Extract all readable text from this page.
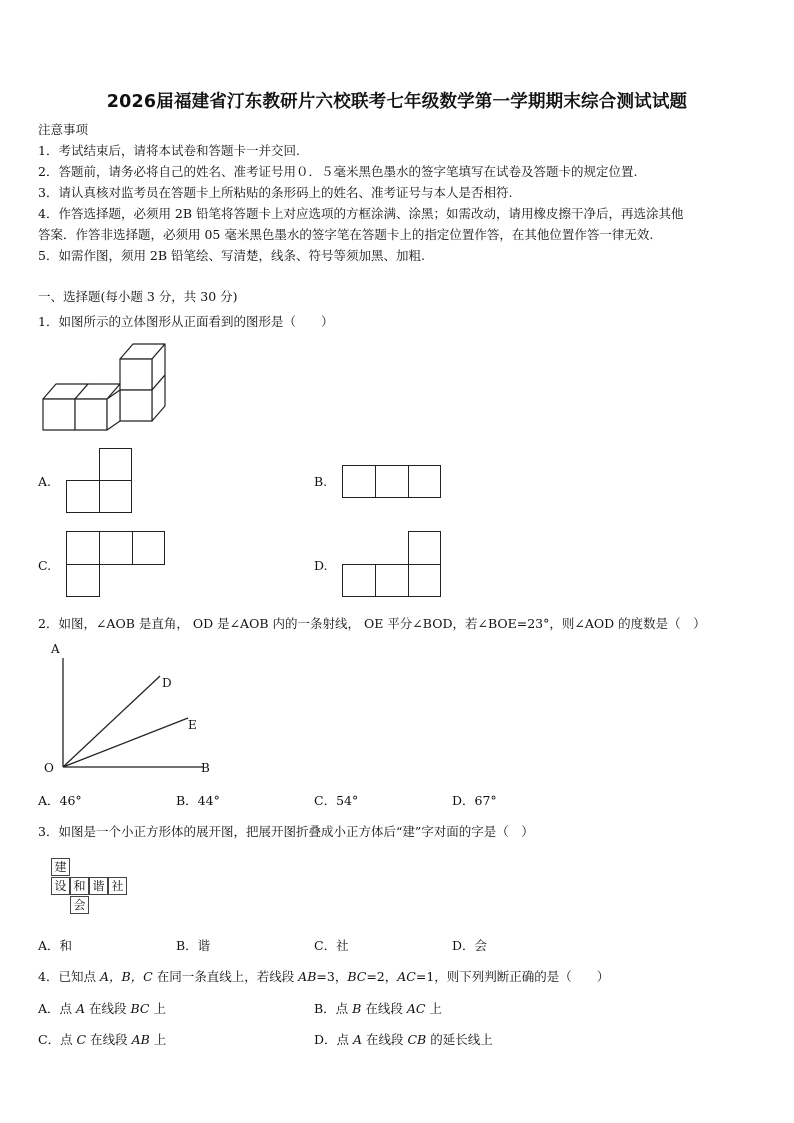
2026届福建省汀东教研片六校联考七年级数学第一学期期末综合测试试题
注意事项
1．考试结束后，请将本试卷和答题卡一并交回.
2．答题前，请务必将自己的姓名、准考证号用０．５毫米黑色墨水的签字笔填写在试卷及答题卡的规定位置.
3．请认真核对监考员在答题卡上所粘贴的条形码上的姓名、准考证号与本人是否相符.
4．作答选择题，必须用 2B 铅笔将答题卡上对应选项的方框涂满、涂黑；如需改动，请用橡皮擦干净后，再选涂其他
答案．作答非选择题，必须用 05 毫米黑色墨水的签字笔在答题卡上的指定位置作答，在其他位置作答一律无效.
5．如需作图，须用 2B 铅笔绘、写清楚，线条、符号等须加黑、加粗.
一、选择题(每小题 3 分，共 30 分)
1．如图所示的立体图形从正面看到的图形是（　　）
A.	B.
C.	D.
2．如图，∠AOB 是直角， OD 是∠AOB 内的一条射线， OE 平分∠BOD，若∠BOE=23°，则∠AOD 的度数是（　）
A
D
E
O	B
A．46°	B．44°	C．54°	D．67°
3．如图是一个小正方形体的展开图，把展开图折叠成小正方体后“建”字对面的字是（　）
建
设 和 谐 社
会
A．和	B．谐	C．社	D．会
4．已知点 A，B，C 在同一条直线上，若线段 AB=3，BC=2，AC=1，则下列判断正确的是（　　）
A．点 A 在线段 BC 上	B．点 B 在线段 AC 上
C．点 C 在线段 AB 上	D．点 A 在线段 CB 的延长线上
